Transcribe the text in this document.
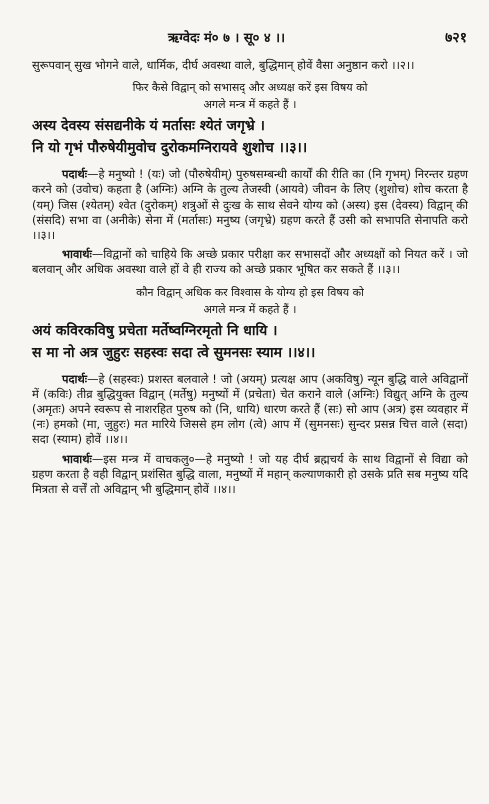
ऋग्वेदः मं० ७ । सू० ४ ।।	७२१

सुरूपवान् सुख भोगने वाले, धार्मिक, दीर्घ अवस्था वाले, बुद्धिमान् होवें वैसा अनुष्ठान करो ।।२।।

फिर कैसे विद्वान् को सभासद् और अध्यक्ष करें इस विषय को

अगले मन्त्र में कहते हैं ।

अस्य देवस्य संसद्यनीके यं मर्तासः श्येतं जगृभ्रे ।

नि यो गृभं पौरुषेयीमुवोच दुरोकमग्निरायवे शुशोच ।।३।।

पदार्थः—हे मनुष्यो ! (यः) जो (पौरुषेयीम्) पुरुषसम्बन्धी कार्यों की रीति का (नि गृभम्) निरन्तर ग्रहण करने को (उवोच) कहता है (अग्निः) अग्नि के तुल्य तेजस्वी (आयवे) जीवन के लिए (शुशोच) शोच करता है (यम्) जिस (श्येतम्) श्वेत (दुरोकम्) शत्रुओं से दुःख के साथ सेवने योग्य को (अस्य) इस (देवस्य) विद्वान् की (संसदि) सभा वा (अनीके) सेना में (मर्तासः) मनुष्य (जगृभ्रे) ग्रहण करते हैं उसी को सभापति सेनापति करो ।।३।।

भावार्थः—विद्वानों को चाहिये कि अच्छे प्रकार परीक्षा कर सभासदों और अध्यक्षों को नियत करें । जो बलवान् और अधिक अवस्था वाले हों वे ही राज्य को अच्छे प्रकार भूषित कर सकते हैं ।।३।।

कौन विद्वान् अधिक कर विश्वास के योग्य हो इस विषय को

अगले मन्त्र में कहते हैं ।

अयं कविरकविषु प्रचेता मर्तेष्वग्निरमृतो नि धायि ।

स मा नो अत्र जुहुरः सहस्वः सदा त्वे सुमनसः स्याम ।।४।।

पदार्थः—हे (सहस्वः) प्रशस्त बलवाले ! जो (अयम्) प्रत्यक्ष आप (अकविषु) न्यून बुद्धि वाले अविद्वानों में (कविः) तीव्र बुद्धियुक्त विद्वान् (मर्तेषु) मनुष्यों में (प्रचेता) चेत कराने वाले (अग्निः) विद्युत् अग्नि के तुल्य (अमृतः) अपने स्वरूप से नाशरहित पुरुष को (नि, धायि) धारण करते हैं (सः) सो आप (अत्र) इस व्यवहार में (नः) हमको (मा, जुहुरः) मत मारिये जिससे हम लोग (त्वे) आप में (सुमनसः) सुन्दर प्रसन्न चित्त वाले (सदा) सदा (स्याम) होवें ।।४।।

भावार्थः—इस मन्त्र में वाचकलु०—हे मनुष्यो ! जो यह दीर्घ ब्रह्मचर्य के साथ विद्वानों से विद्या को ग्रहण करता है वही विद्वान् प्रशंसित बुद्धि वाला, मनुष्यों में महान् कल्याणकारी हो उसके प्रति सब मनुष्य यदि मित्रता से वर्त्तें तो अविद्वान् भी बुद्धिमान् होवें ।।४।।
